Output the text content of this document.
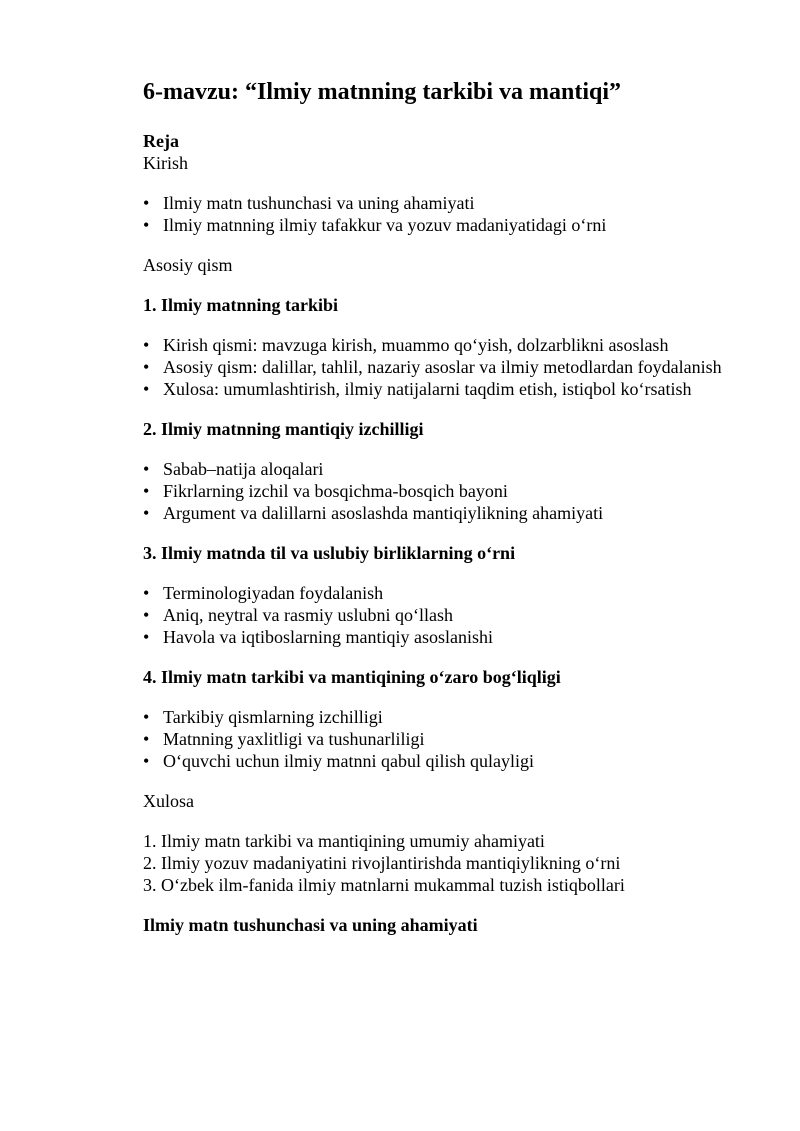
6-mavzu: “Ilmiy matnning tarkibi va mantiqi”

Reja

Kirish

• Ilmiy matn tushunchasi va uning ahamiyati
• Ilmiy matnning ilmiy tafakkur va yozuv madaniyatidagi o‘rni

Asosiy qism

1. Ilmiy matnning tarkibi

• Kirish qismi: mavzuga kirish, muammo qo‘yish, dolzarblikni asoslash
• Asosiy qism: dalillar, tahlil, nazariy asoslar va ilmiy metodlardan foydalanish
• Xulosa: umumlashtirish, ilmiy natijalarni taqdim etish, istiqbol ko‘rsatish

2. Ilmiy matnning mantiqiy izchilligi

• Sabab–natija aloqalari
• Fikrlarning izchil va bosqichma-bosqich bayoni
• Argument va dalillarni asoslashda mantiqiylikning ahamiyati

3. Ilmiy matnda til va uslubiy birliklarning o‘rni

• Terminologiyadan foydalanish
• Aniq, neytral va rasmiy uslubni qo‘llash
• Havola va iqtiboslarning mantiqiy asoslanishi

4. Ilmiy matn tarkibi va mantiqining o‘zaro bog‘liqligi

• Tarkibiy qismlarning izchilligi
• Matnning yaxlitligi va tushunarliligi
• O‘quvchi uchun ilmiy matnni qabul qilish qulayligi

Xulosa

1. Ilmiy matn tarkibi va mantiqining umumiy ahamiyati
2. Ilmiy yozuv madaniyatini rivojlantirishda mantiqiylikning o‘rni
3. O‘zbek ilm-fanida ilmiy matnlarni mukammal tuzish istiqbollari

Ilmiy matn tushunchasi va uning ahamiyati
